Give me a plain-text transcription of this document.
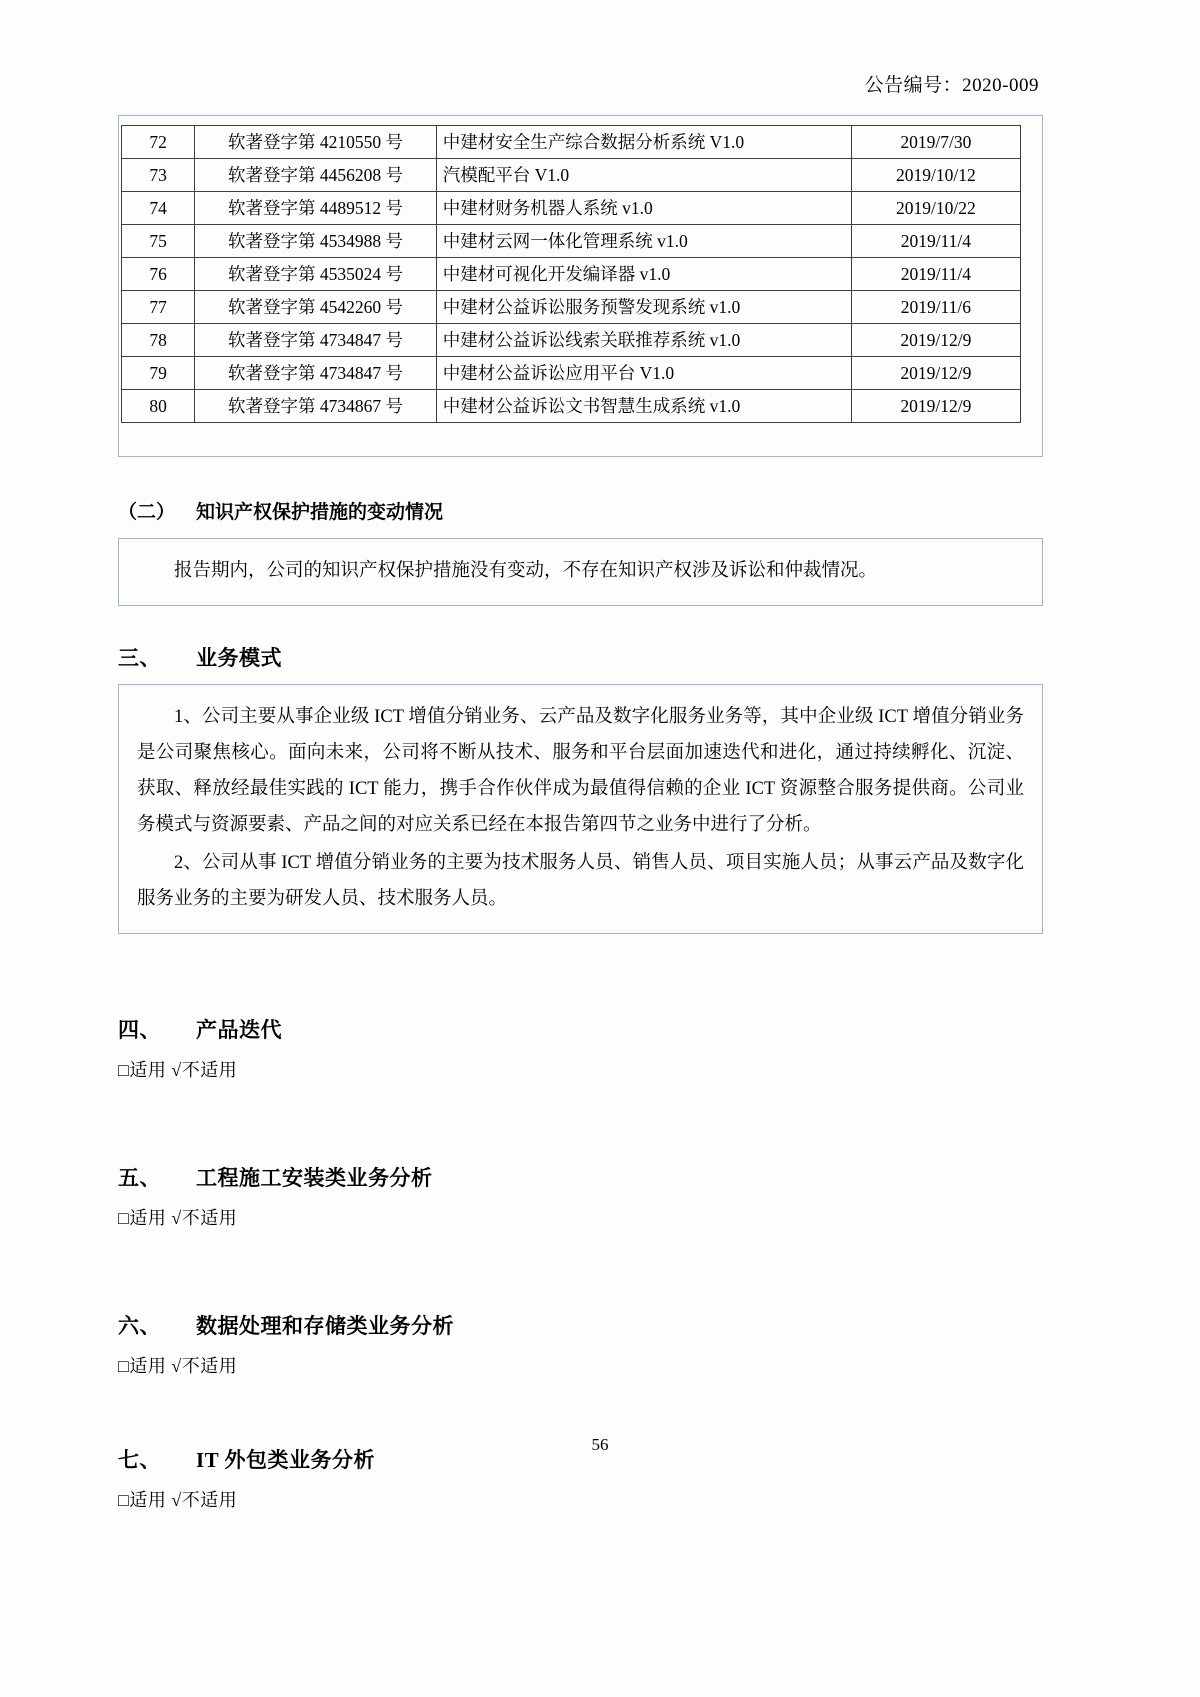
公告编号：2020-009
72	软著登字第 4210550 号	中建材安全生产综合数据分析系统 V1.0	2019/7/30
73	软著登字第 4456208 号	汽模配平台 V1.0	2019/10/12
74	软著登字第 4489512 号	中建材财务机器人系统 v1.0	2019/10/22
75	软著登字第 4534988 号	中建材云网一体化管理系统 v1.0	2019/11/4
76	软著登字第 4535024 号	中建材可视化开发编译器 v1.0	2019/11/4
77	软著登字第 4542260 号	中建材公益诉讼服务预警发现系统 v1.0	2019/11/6
78	软著登字第 4734847 号	中建材公益诉讼线索关联推荐系统 v1.0	2019/12/9
79	软著登字第 4734847 号	中建材公益诉讼应用平台 V1.0	2019/12/9
80	软著登字第 4734867 号	中建材公益诉讼文书智慧生成系统 v1.0	2019/12/9
（二） 知识产权保护措施的变动情况

报告期内，公司的知识产权保护措施没有变动，不存在知识产权涉及诉讼和仲裁情况。

三、 业务模式

1、公司主要从事企业级 ICT 增值分销业务、云产品及数字化服务业务等，其中企业级 ICT 增值分销业务是公司聚焦核心。面向未来，公司将不断从技术、服务和平台层面加速迭代和进化，通过持续孵化、沉淀、获取、释放经最佳实践的 ICT 能力，携手合作伙伴成为最值得信赖的企业 ICT 资源整合服务提供商。公司业务模式与资源要素、产品之间的对应关系已经在本报告第四节之业务中进行了分析。

2、公司从事 ICT 增值分销业务的主要为技术服务人员、销售人员、项目实施人员；从事云产品及数字化服务业务的主要为研发人员、技术服务人员。

四、 产品迭代
□适用 √不适用
五、 工程施工安装类业务分析
□适用 √不适用
六、 数据处理和存储类业务分析
□适用 √不适用
七、 IT 外包类业务分析
□适用 √不适用
56
